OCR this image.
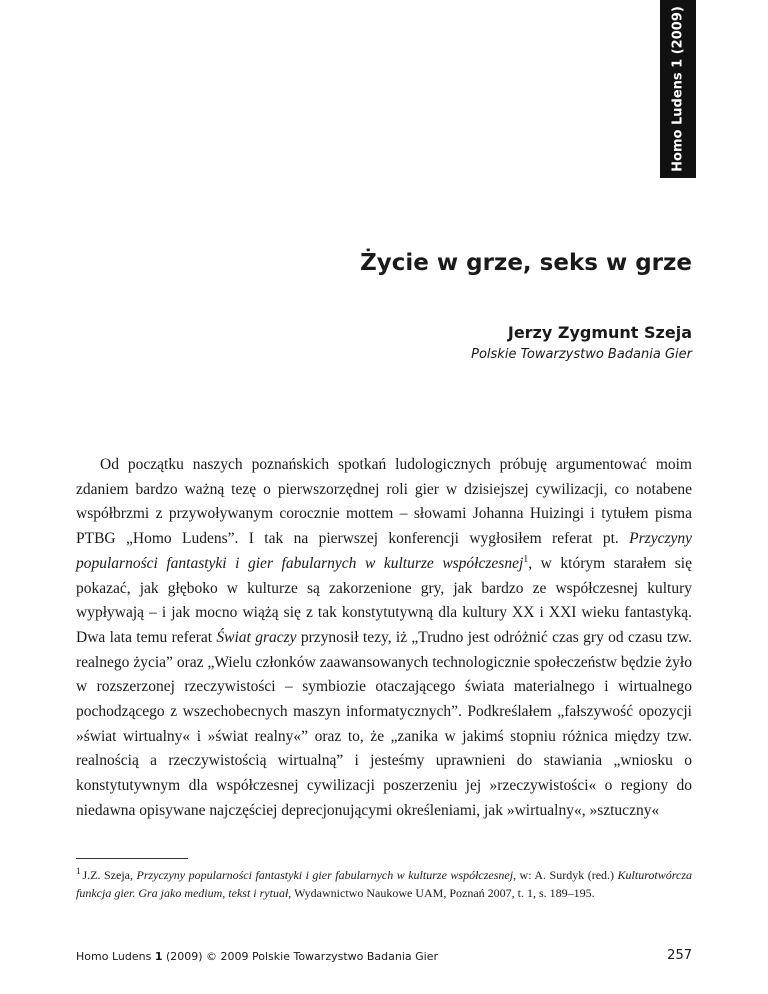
Homo Ludens 1 (2009)
Życie w grze, seks w grze
Jerzy Zygmunt Szeja
Polskie Towarzystwo Badania Gier

Od początku naszych poznańskich spotkań ludologicznych próbuję argumentować moim zdaniem bardzo ważną tezę o pierwszorzędnej roli gier w dzisiejszej cywilizacji, co notabene współbrzmi z przywoływanym corocznie mottem – słowami Johanna Huizingi i tytułem pisma PTBG „Homo Ludens”. I tak na pierwszej konferencji wygłosiłem referat pt. Przyczyny popularności fantastyki i gier fabularnych w kulturze współczesnej$^1$, w którym starałem się pokazać, jak głęboko w kulturze są zakorzenione gry, jak bardzo ze współczesnej kultury wypływają – i jak mocno wiążą się z tak konstytutywną dla kultury XX i XXI wieku fantastyką. Dwa lata temu referat Świat graczy przynosił tezy, iż „Trudno jest odróżnić czas gry od czasu tzw. realnego życia” oraz „Wielu członków zaawansowanych technologicznie społeczeństw będzie żyło w rozszerzonej rzeczywistości – symbiozie otaczającego świata materialnego i wirtualnego pochodzącego z wszechobecnych maszyn informatycznych”. Podkreślałem „fałszywość opozycji »świat wirtualny« i »świat realny«” oraz to, że „zanika w jakimś stopniu różnica między tzw. realnością a rzeczywistością wirtualną” i jesteśmy uprawnieni do stawiania „wniosku o konstytutywnym dla współczesnej cywilizacji poszerzeniu jej »rzeczywistości« o regiony do niedawna opisywane najczęściej deprecjonującymi określeniami, jak »wirtualny«, »sztuczny«

$^1$ J.Z. Szeja, Przyczyny popularności fantastyki i gier fabularnych w kulturze współczesnej, w: A. Surdyk (red.) Kulturotwórcza funkcja gier. Gra jako medium, tekst i rytuał, Wydawnictwo Naukowe UAM, Poznań 2007, t. 1, s. 189–195.

Homo Ludens 1 (2009) © 2009 Polskie Towarzystwo Badania Gier	257
